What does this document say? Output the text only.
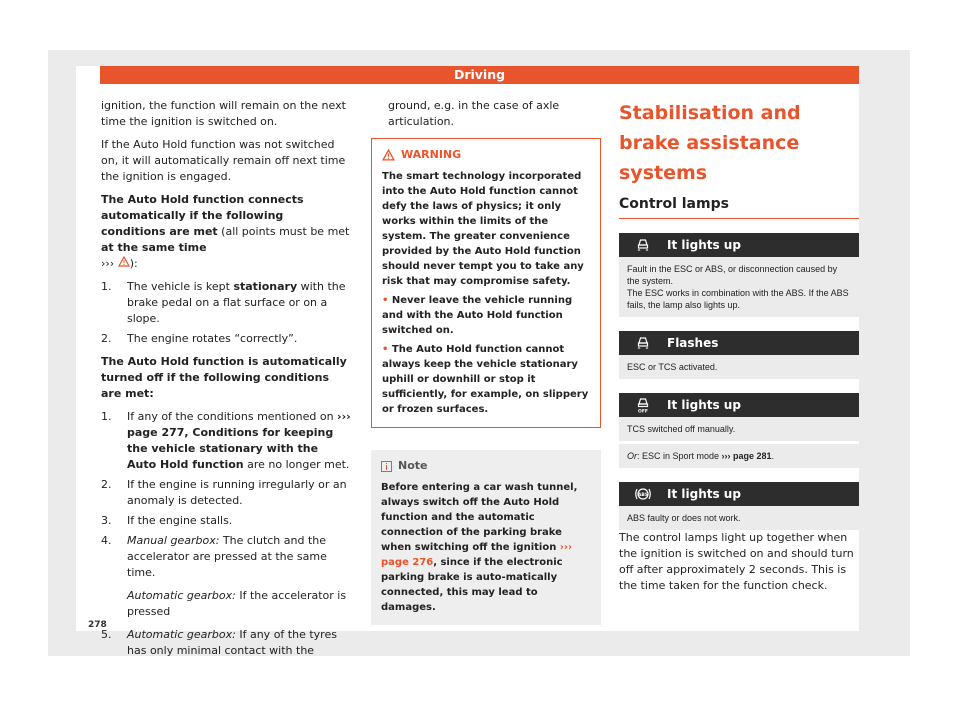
Driving
278

ignition, the function will remain on the next time the ignition is switched on.

If the Auto Hold function was not switched on, it will automatically remain off next time the ignition is engaged.

The Auto Hold function connects automatically if the following conditions are met (all points must be met at the same time
››› ):

1. The vehicle is kept stationary with the brake pedal on a flat surface or on a slope.
2. The engine rotates “correctly”.

The Auto Hold function is automatically turned off if the following conditions are met:

1. If any of the conditions mentioned on ››› page 277, Conditions for keeping the vehicle stationary with the Auto Hold function are no longer met.
2. If the engine is running irregularly or an anomaly is detected.
3. If the engine stalls.
4. Manual gearbox: The clutch and the accelerator are pressed at the same time.

Automatic gearbox: If the accelerator is pressed

5. Automatic gearbox: If any of the tyres has only minimal contact with the

ground, e.g. in the case of axle articulation.

WARNING
The smart technology incorporated into the Auto Hold function cannot defy the laws of physics; it only works within the limits of the system. The greater convenience provided by the Auto Hold function should never tempt you to take any risk that may compromise safety.
• Never leave the vehicle running and with the Auto Hold function switched on.
• The Auto Hold function cannot always keep the vehicle stationary uphill or downhill or stop it sufficiently, for example, on slippery or frozen surfaces.
Note
Before entering a car wash tunnel, always switch off the Auto Hold function and the automatic connection of the parking brake when switching off the ignition ››› page 276, since if the electronic parking brake is auto-matically connected, this may lead to damages.
Stabilisation and brake assistance systems
Control lamps
It lights up
Fault in the ESC or ABS, or disconnection caused by the system.
The ESC works in combination with the ABS. If the ABS fails, the lamp also lights up.
Flashes
ESC or TCS activated.
OFF It lights up
TCS switched off manually.
Or: ESC in Sport mode ››› page 281.
ABS It lights up
ABS faulty or does not work.

The control lamps light up together when the ignition is switched on and should turn off after approximately 2 seconds. This is the time taken for the function check.
